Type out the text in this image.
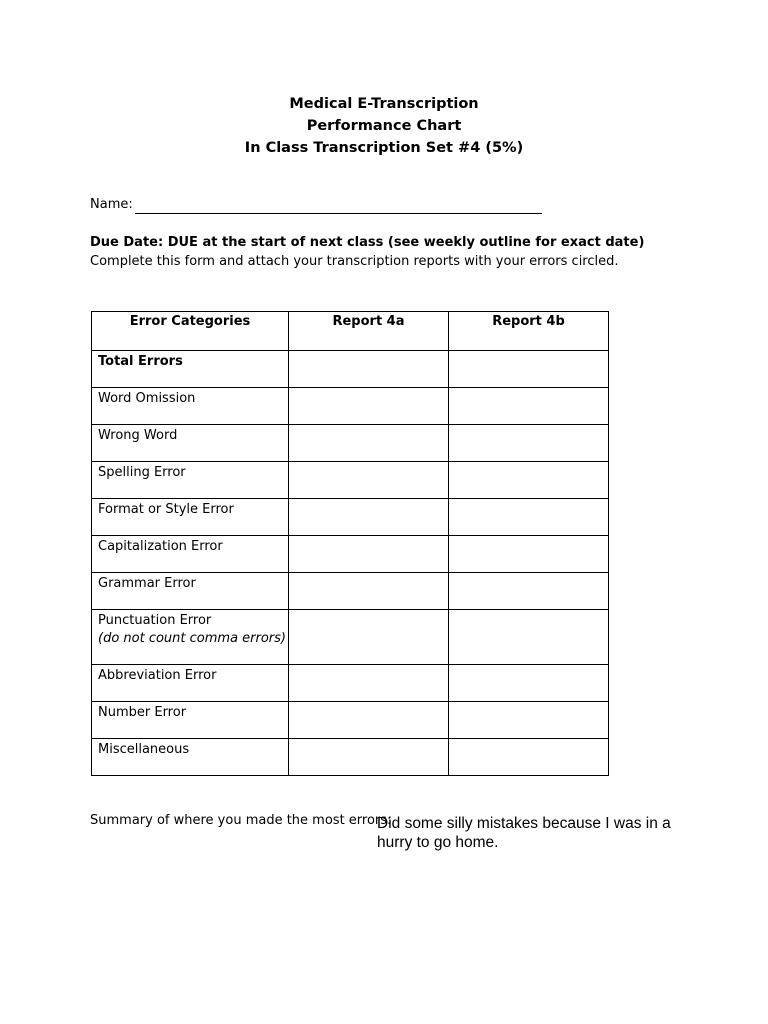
Medical E-Transcription
Performance Chart
In Class Transcription Set #4 (5%)
Name:
Due Date: DUE at the start of next class (see weekly outline for exact date)
Complete this form and attach your transcription reports with your errors circled.
Error Categories	Report 4a	Report 4b
Total Errors		
Word Omission		
Wrong Word		
Spelling Error		
Format or Style Error		
Capitalization Error		
Grammar Error		
Punctuation Error
(do not count comma errors)		

Abbreviation Error		
Number Error		
Miscellaneous		
Summary of where you made the most errors:
Did some silly mistakes because I was in a hurry to go home.
